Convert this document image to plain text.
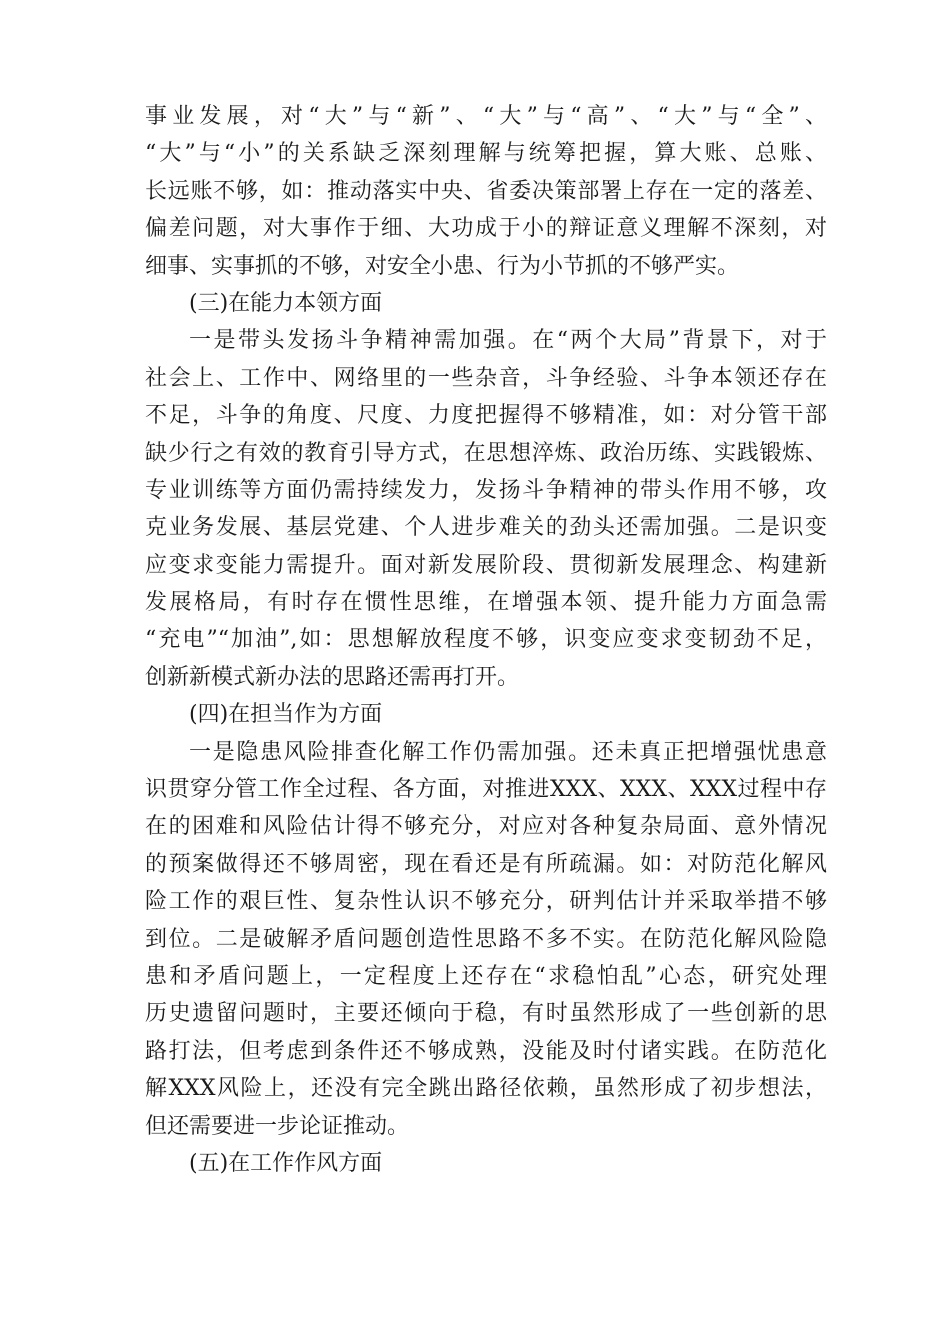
事业发展，对“大”与“新”、“大”与“高”、“大”与“全”、
“大”与“小”的关系缺乏深刻理解与统筹把握，算大账、总账、
长远账不够，如：推动落实中央、省委决策部署上存在一定的落差、
偏差问题，对大事作于细、大功成于小的辩证意义理解不深刻，对
细事、实事抓的不够，对安全小患、行为小节抓的不够严实。
(三)在能力本领方面
一是带头发扬斗争精神需加强。在“两个大局”背景下，对于
社会上、工作中、网络里的一些杂音，斗争经验、斗争本领还存在
不足，斗争的角度、尺度、力度把握得不够精准，如：对分管干部
缺少行之有效的教育引导方式，在思想淬炼、政治历练、实践锻炼、
专业训练等方面仍需持续发力，发扬斗争精神的带头作用不够，攻
克业务发展、基层党建、个人进步难关的劲头还需加强。二是识变
应变求变能力需提升。面对新发展阶段、贯彻新发展理念、构建新
发展格局，有时存在惯性思维，在增强本领、提升能力方面急需
“充电”“加油”,如：思想解放程度不够，识变应变求变韧劲不足，
创新新模式新办法的思路还需再打开。
(四)在担当作为方面
一是隐患风险排查化解工作仍需加强。还未真正把增强忧患意
识贯穿分管工作全过程、各方面，对推进XXX、XXX、XXX过程中存
在的困难和风险估计得不够充分，对应对各种复杂局面、意外情况
的预案做得还不够周密，现在看还是有所疏漏。如：对防范化解风
险工作的艰巨性、复杂性认识不够充分，研判估计并采取举措不够
到位。二是破解矛盾问题创造性思路不多不实。在防范化解风险隐
患和矛盾问题上，一定程度上还存在“求稳怕乱”心态，研究处理
历史遗留问题时，主要还倾向于稳，有时虽然形成了一些创新的思
路打法，但考虑到条件还不够成熟，没能及时付诸实践。在防范化
解XXX风险上，还没有完全跳出路径依赖，虽然形成了初步想法，
但还需要进一步论证推动。
(五)在工作作风方面
